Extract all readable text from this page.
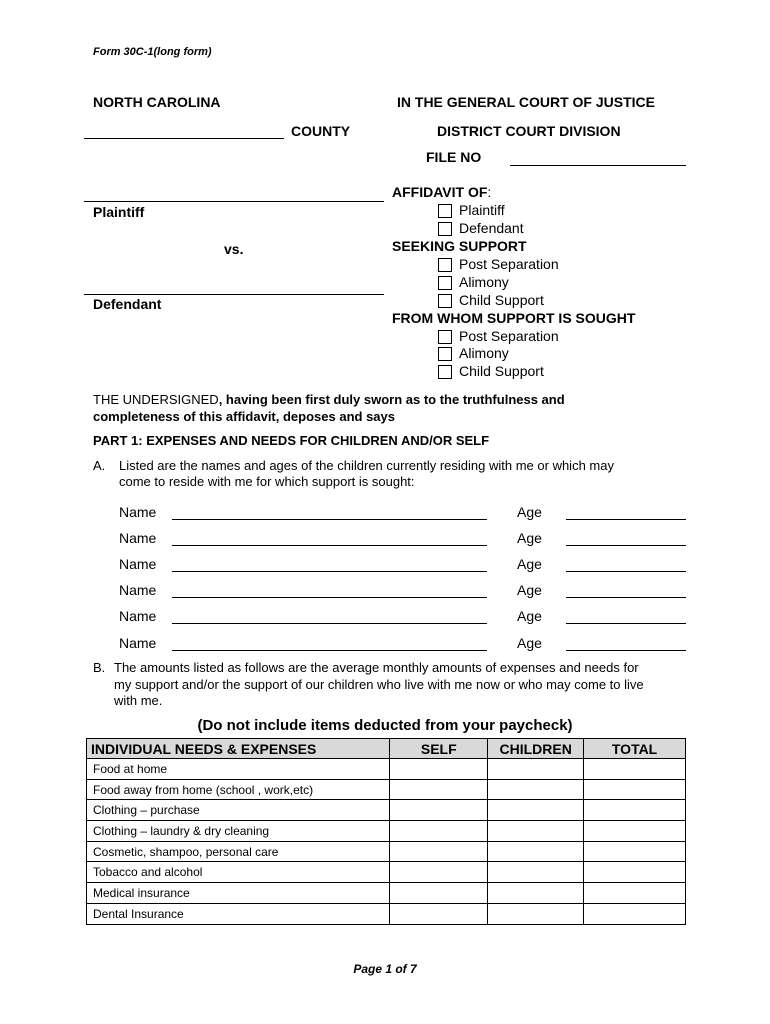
Form 30C-1(long form)
NORTH CAROLINA	IN THE GENERAL COURT OF JUSTICE
COUNTY	DISTRICT COURT DIVISION
FILE NO
Plaintiff
vs.
Defendant
AFFIDAVIT OF:
Plaintiff
Defendant
SEEKING SUPPORT
Post Separation
Alimony
Child Support
FROM WHOM SUPPORT IS SOUGHT
Post Separation
Alimony
Child Support
THE UNDERSIGNED, having been first duly sworn as to the truthfulness and
completeness of this affidavit, deposes and says
PART 1: EXPENSES AND NEEDS FOR CHILDREN AND/OR SELF
A. Listed are the names and ages of the children currently residing with me or which may
come to reside with me for which support is sought:
Name	Age
Name	Age
Name	Age
Name	Age
Name	Age
Name	Age
B. The amounts listed as follows are the average monthly amounts of expenses and needs for
my support and/or the support of our children who live with me now or who may come to live
with me.
(Do not include items deducted from your paycheck)
INDIVIDUAL NEEDS & EXPENSES	SELF	CHILDREN	TOTAL
Food at home			
Food away from home (school , work,etc)			
Clothing – purchase			
Clothing – laundry & dry cleaning			
Cosmetic, shampoo, personal care			
Tobacco and alcohol			
Medical insurance			
Dental Insurance			
Page 1 of 7
